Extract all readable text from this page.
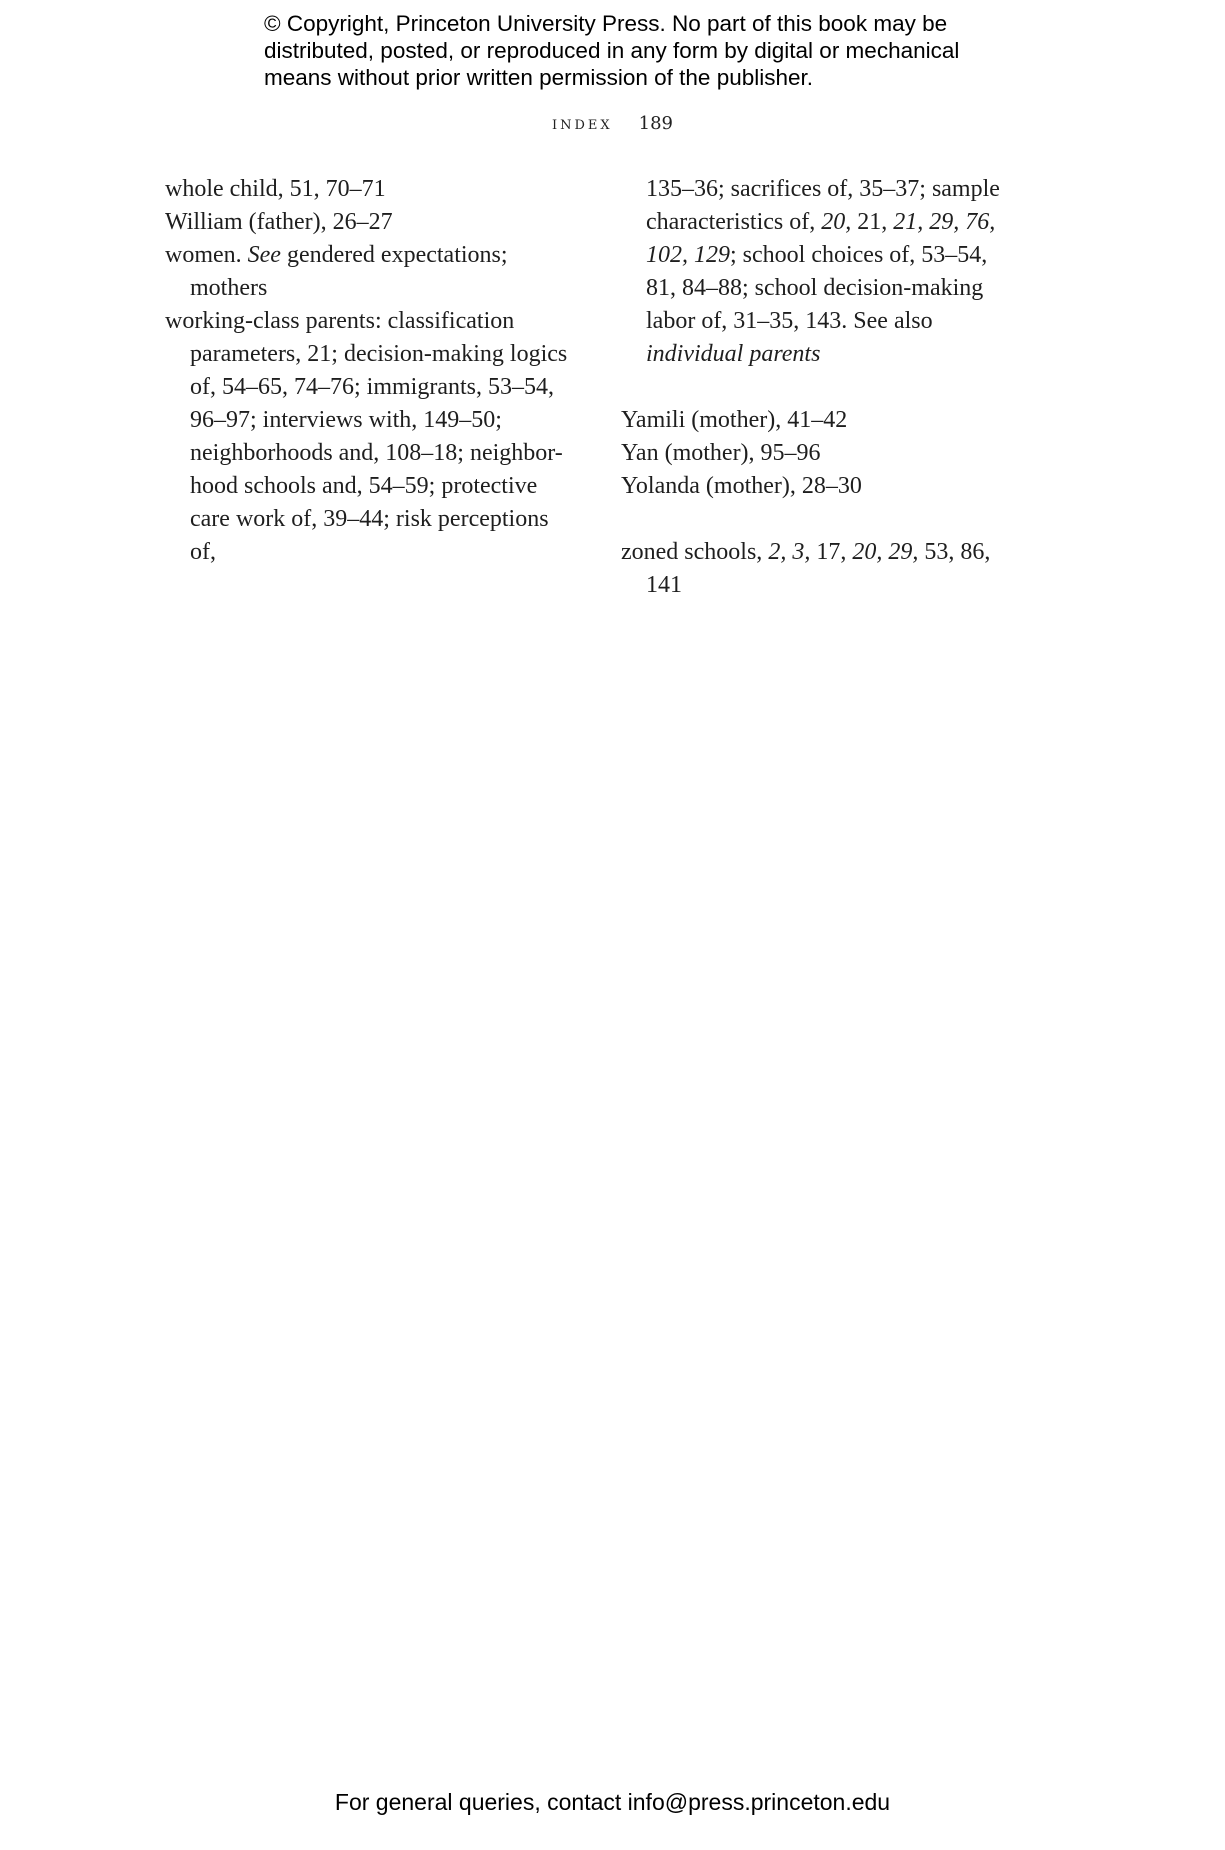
© Copyright, Princeton University Press. No part of this book may be distributed, posted, or reproduced in any form by digital or mechanical means without prior written permission of the publisher.
index 189

whole child, 51, 70–71

William (father), 26–27

women. See gendered expectations; mothers

working-class parents: classification parameters, 21; decision-making logics of, 54–65, 74–76; immigrants, 53–54, 96–97; interviews with, 149–50; neighborhoods and, 108–18; neighbor-hood schools and, 54–59; protective care work of, 39–44; risk perceptions of,

135–36; sacrifices of, 35–37; sample characteristics of, 20, 21, 21, 29, 76, 102, 129; school choices of, 53–54, 81, 84–88; school decision-making labor of, 31–35, 143. See also individual parents

Yamili (mother), 41–42

Yan (mother), 95–96

Yolanda (mother), 28–30

zoned schools, 2, 3, 17, 20, 29, 53, 86, 141

For general queries, contact info@press.princeton.edu
